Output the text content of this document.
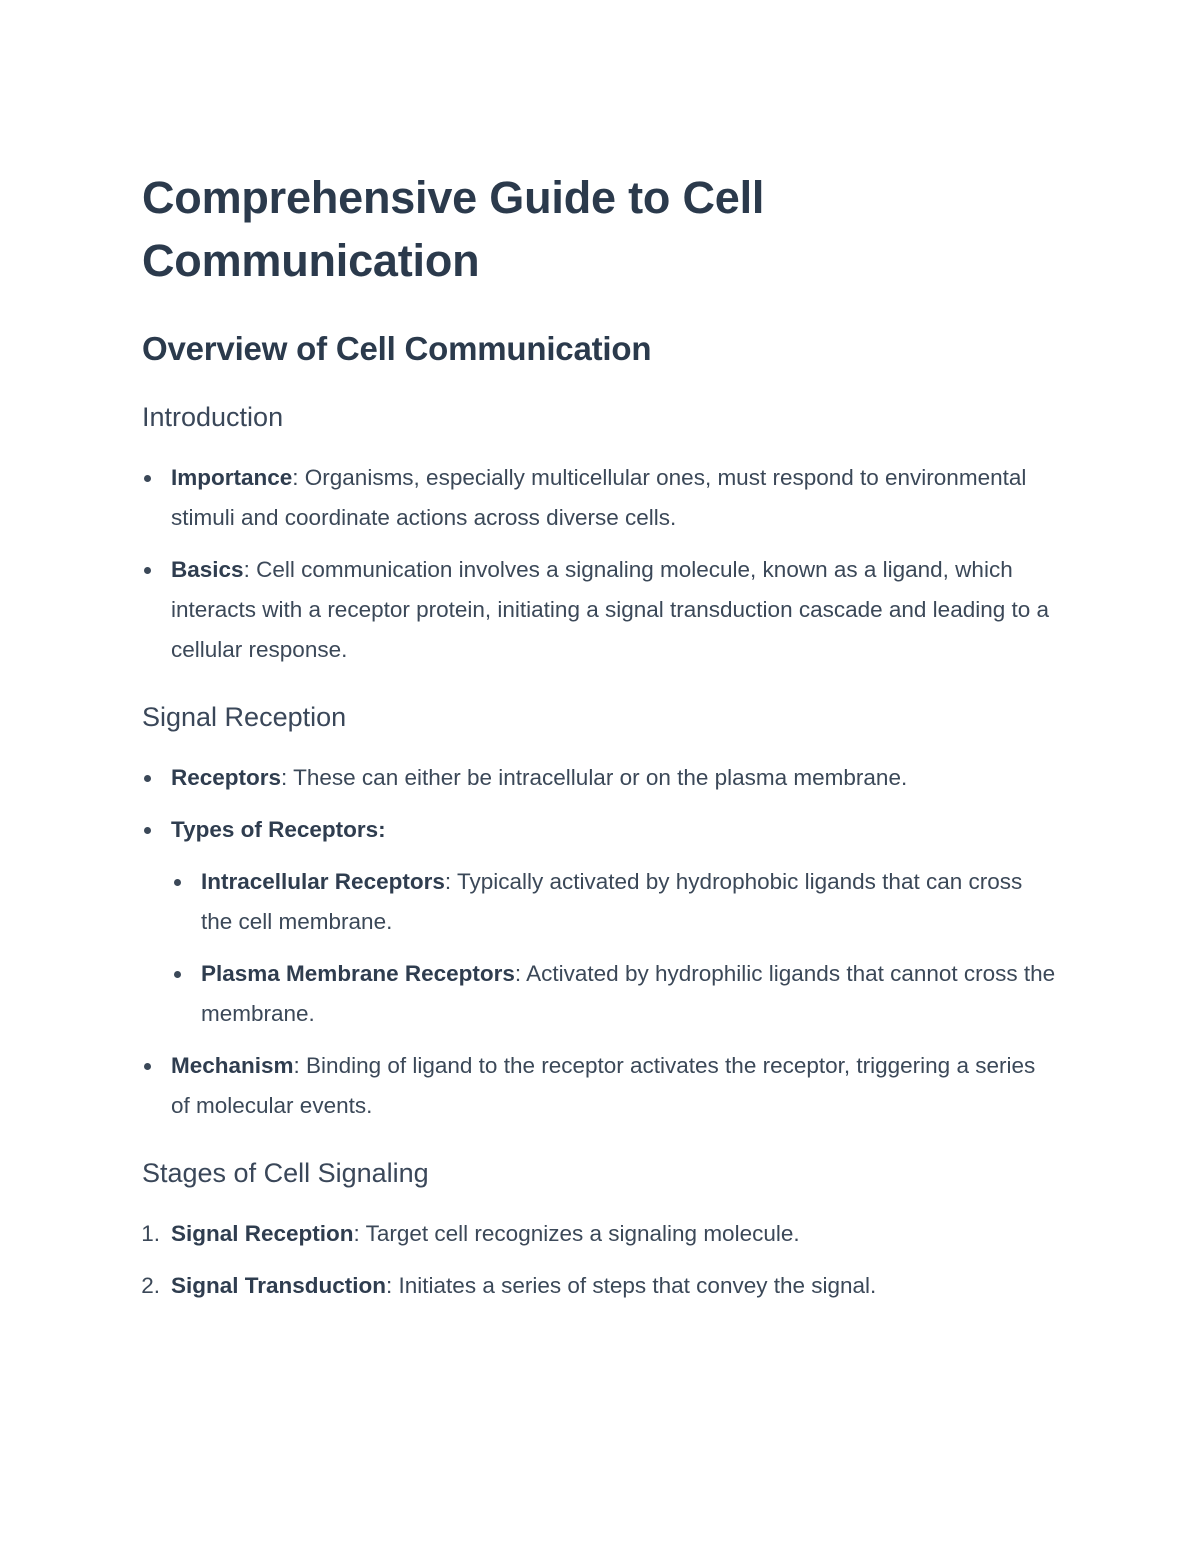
Comprehensive Guide to Cell Communication
Overview of Cell Communication
Introduction
Importance: Organisms, especially multicellular ones, must respond to environmental stimuli and coordinate actions across diverse cells.
Basics: Cell communication involves a signaling molecule, known as a ligand, which interacts with a receptor protein, initiating a signal transduction cascade and leading to a cellular response.
Signal Reception
Receptors: These can either be intracellular or on the plasma membrane.
Types of Receptors:
Intracellular Receptors: Typically activated by hydrophobic ligands that can cross the cell membrane.
Plasma Membrane Receptors: Activated by hydrophilic ligands that cannot cross the membrane.
Mechanism: Binding of ligand to the receptor activates the receptor, triggering a series of molecular events.
Stages of Cell Signaling
1. Signal Reception: Target cell recognizes a signaling molecule.
2. Signal Transduction: Initiates a series of steps that convey the signal.
